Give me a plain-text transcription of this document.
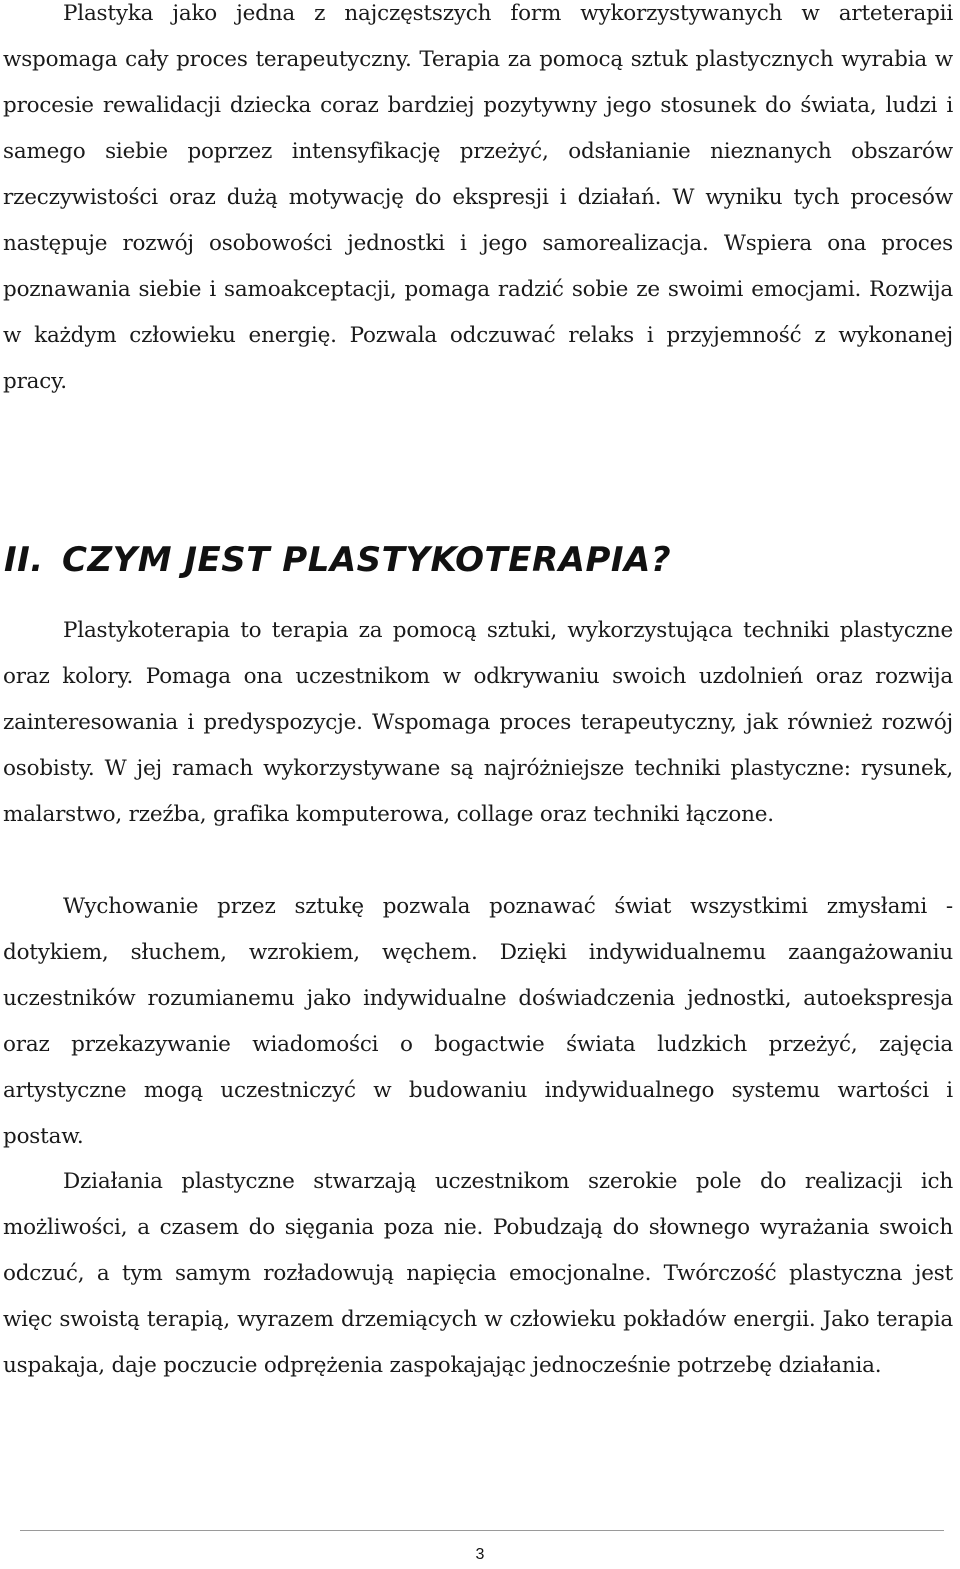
Plastyka jako jedna z najczęstszych form wykorzystywanych w arteterapii wspomaga cały proces terapeutyczny. Terapia za pomocą sztuk plastycznych wyrabia w procesie rewalidacji dziecka coraz bardziej pozytywny jego stosunek do świata, ludzi i samego siebie poprzez intensyfikację przeżyć, odsłanianie nieznanych obszarów rzeczywistości oraz dużą motywację do ekspresji i działań. W wyniku tych procesów następuje rozwój osobowości jednostki i jego samorealizacja. Wspiera ona proces poznawania siebie i samoakceptacji, pomaga radzić sobie ze swoimi emocjami. Rozwija w każdym człowieku energię. Pozwala odczuwać relaks i przyjemność z wykonanej pracy.

II. CZYM JEST PLASTYKOTERAPIA?

Plastykoterapia to terapia za pomocą sztuki, wykorzystująca techniki plastyczne oraz kolory. Pomaga ona uczestnikom w odkrywaniu swoich uzdolnień oraz rozwija zainteresowania i predyspozycje. Wspomaga proces terapeutyczny, jak również rozwój osobisty. W jej ramach wykorzystywane są najróżniejsze techniki plastyczne: rysunek, malarstwo, rzeźba, grafika komputerowa, collage oraz techniki łączone.

Wychowanie przez sztukę pozwala poznawać świat wszystkimi zmysłami - dotykiem, słuchem, wzrokiem, węchem. Dzięki indywidualnemu zaangażowaniu uczestników rozumianemu jako indywidualne doświadczenia jednostki, autoekspresja oraz przekazywanie wiadomości o bogactwie świata ludzkich przeżyć, zajęcia artystyczne mogą uczestniczyć w budowaniu indywidualnego systemu wartości i postaw.

Działania plastyczne stwarzają uczestnikom szerokie pole do realizacji ich możliwości, a czasem do sięgania poza nie. Pobudzają do słownego wyrażania swoich odczuć, a tym samym rozładowują napięcia emocjonalne. Twórczość plastyczna jest więc swoistą terapią, wyrazem drzemiących w człowieku pokładów energii. Jako terapia uspakaja, daje poczucie odprężenia zaspokajając jednocześnie potrzebę działania.

3
